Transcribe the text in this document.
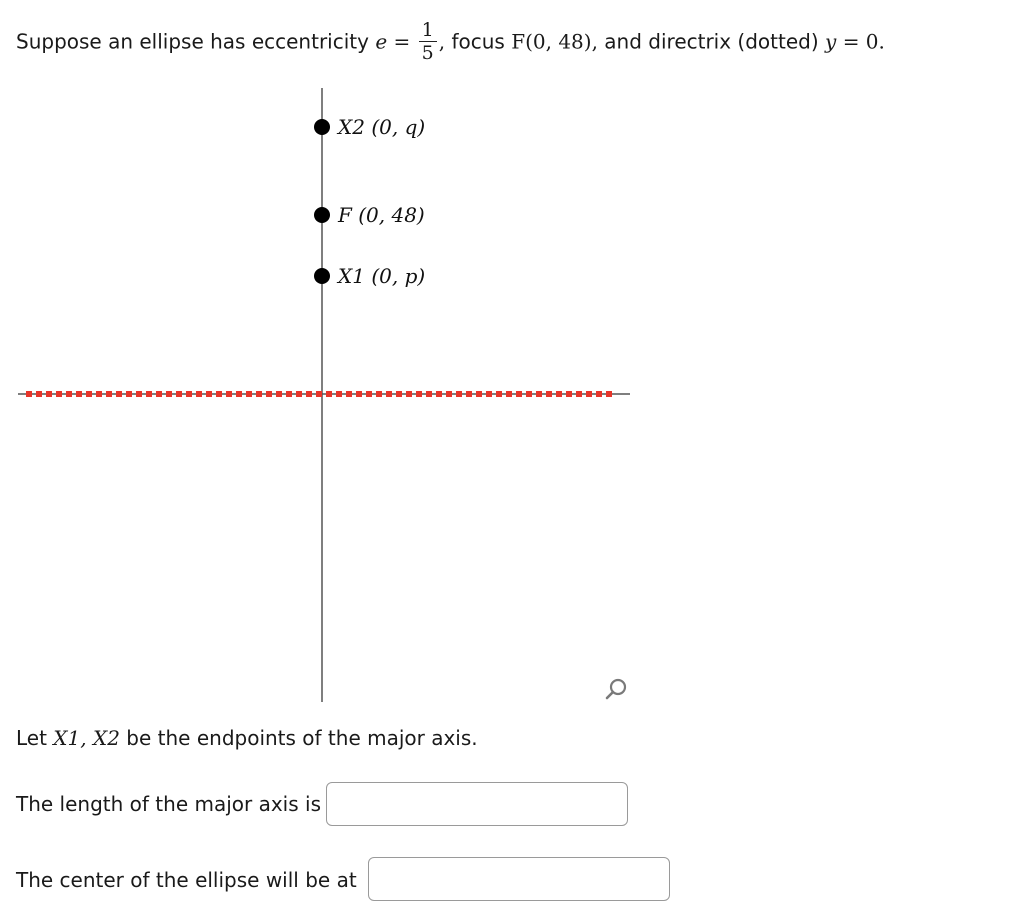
Suppose an ellipse has eccentricity $e = \frac{1}{5}$ , focus F(0, 48), and directrix (dotted) y = 0.
X2 (0, q)
F (0, 48)
X1 (0, p)
Let X1, X2 be the endpoints of the major axis.
The length of the major axis is
The center of the ellipse will be at
